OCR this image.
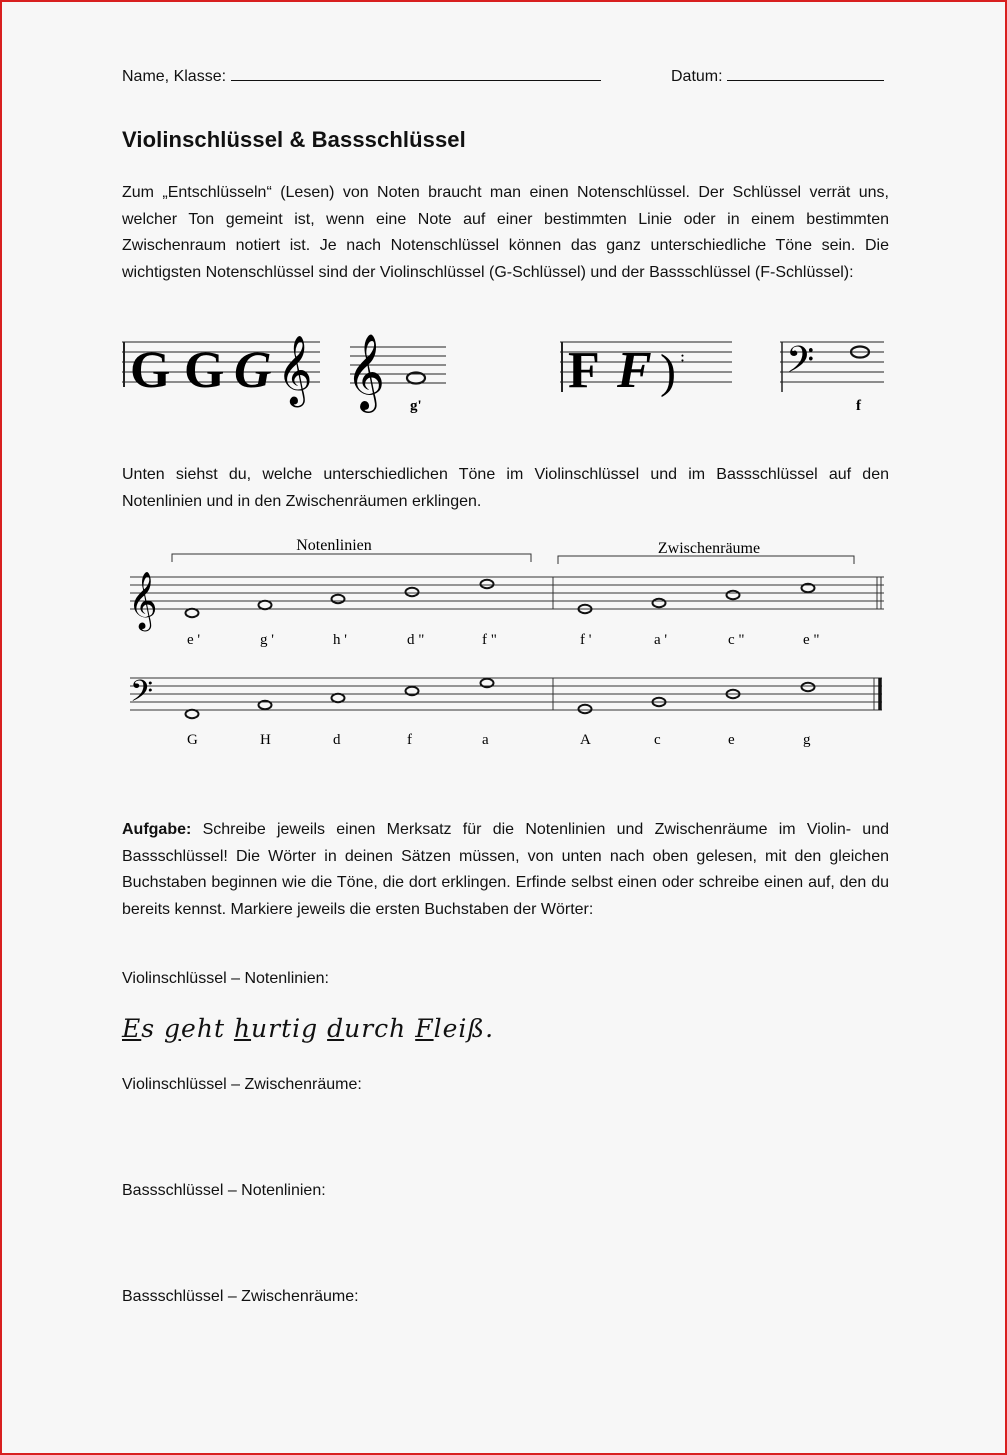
Name, Klasse:	Datum:
Violinschlüssel & Bassschlüssel

Zum „Entschlüsseln“ (Lesen) von Noten braucht man einen Notenschlüssel. Der Schlüssel verrät uns, welcher Ton gemeint ist, wenn eine Note auf einer bestimmten Linie oder in einem bestimmten Zwischenraum notiert ist. Je nach Notenschlüssel können das ganz unterschiedliche Töne sein. Die wichtigsten Notenschlüssel sind der Violinschlüssel (G-Schlüssel) und der Bassschlüssel (F-Schlüssel):

G G G 𝄞 𝄞 g'
F F ) ꞉ 𝄢
f

Unten siehst du, welche unterschiedlichen Töne im Violinschlüssel und im Bassschlüssel auf den Notenlinien und in den Zwischenräumen erklingen.

Notenlinien	Zwischenräume
𝄞
e '	g '	h '	d "	f "	f '	a '	c "	e "
𝄢
G	H	d	f	a	A	c	e	g

Aufgabe: Schreibe jeweils einen Merksatz für die Notenlinien und Zwischenräume im Violin- und Bassschlüssel! Die Wörter in deinen Sätzen müssen, von unten nach oben gelesen, mit den gleichen Buchstaben beginnen wie die Töne, die dort erklingen. Erfinde selbst einen oder schreibe einen auf, den du bereits kennst. Markiere jeweils die ersten Buchstaben der Wörter:

Violinschlüssel – Notenlinien:
Es geht hurtig durch Fleiß.
Violinschlüssel – Zwischenräume:
Bassschlüssel – Notenlinien:
Bassschlüssel – Zwischenräume:
